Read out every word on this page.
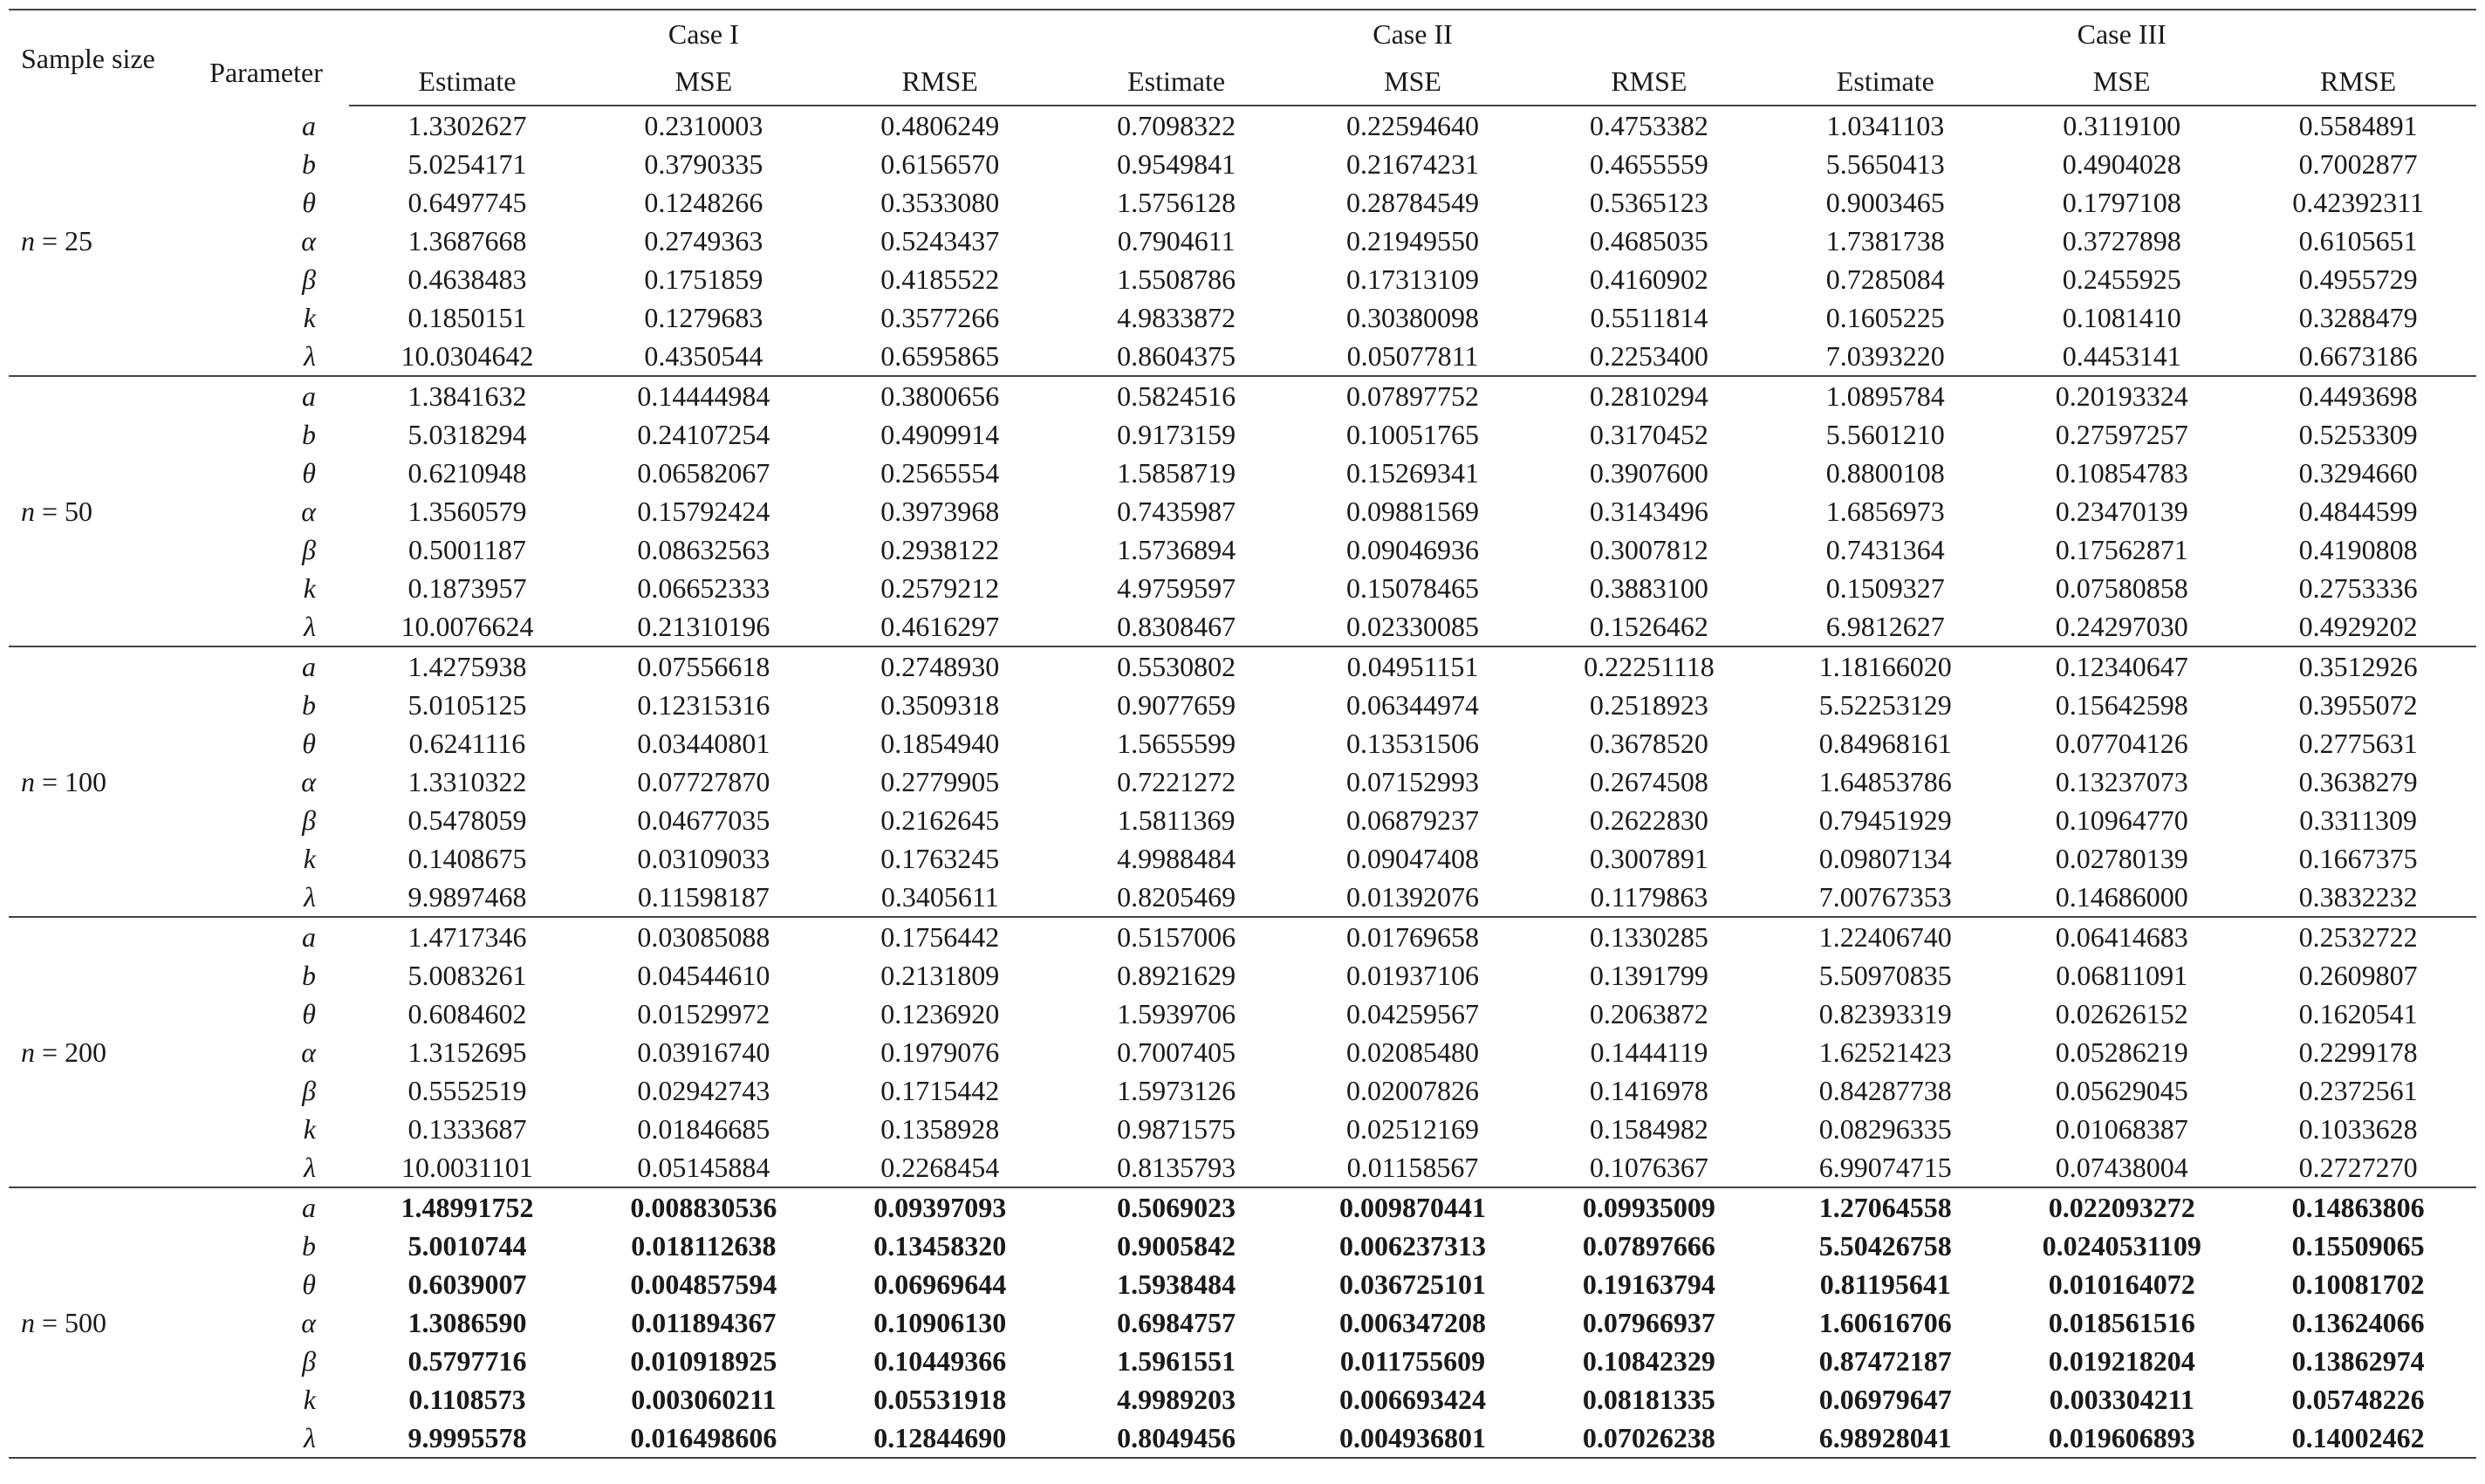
Sample size	Parameter	Case I			Case II			Case III		
		Estimate	MSE	RMSE	Estimate	MSE	RMSE	Estimate	MSE	RMSE
n = 25	a	1.3302627	0.2310003	0.4806249	0.7098322	0.22594640	0.4753382	1.0341103	0.3119100	0.5584891
	b	5.0254171	0.3790335	0.6156570	0.9549841	0.21674231	0.4655559	5.5650413	0.4904028	0.7002877
	θ	0.6497745	0.1248266	0.3533080	1.5756128	0.28784549	0.5365123	0.9003465	0.1797108	0.42392311
	α	1.3687668	0.2749363	0.5243437	0.7904611	0.21949550	0.4685035	1.7381738	0.3727898	0.6105651
	β	0.4638483	0.1751859	0.4185522	1.5508786	0.17313109	0.4160902	0.7285084	0.2455925	0.4955729
	k	0.1850151	0.1279683	0.3577266	4.9833872	0.30380098	0.5511814	0.1605225	0.1081410	0.3288479
	λ	10.0304642	0.4350544	0.6595865	0.8604375	0.05077811	0.2253400	7.0393220	0.4453141	0.6673186
n = 50	a	1.3841632	0.14444984	0.3800656	0.5824516	0.07897752	0.2810294	1.0895784	0.20193324	0.4493698
	b	5.0318294	0.24107254	0.4909914	0.9173159	0.10051765	0.3170452	5.5601210	0.27597257	0.5253309
	θ	0.6210948	0.06582067	0.2565554	1.5858719	0.15269341	0.3907600	0.8800108	0.10854783	0.3294660
	α	1.3560579	0.15792424	0.3973968	0.7435987	0.09881569	0.3143496	1.6856973	0.23470139	0.4844599
	β	0.5001187	0.08632563	0.2938122	1.5736894	0.09046936	0.3007812	0.7431364	0.17562871	0.4190808
	k	0.1873957	0.06652333	0.2579212	4.9759597	0.15078465	0.3883100	0.1509327	0.07580858	0.2753336
	λ	10.0076624	0.21310196	0.4616297	0.8308467	0.02330085	0.1526462	6.9812627	0.24297030	0.4929202
n = 100	a	1.4275938	0.07556618	0.2748930	0.5530802	0.04951151	0.22251118	1.18166020	0.12340647	0.3512926
	b	5.0105125	0.12315316	0.3509318	0.9077659	0.06344974	0.2518923	5.52253129	0.15642598	0.3955072
	θ	0.6241116	0.03440801	0.1854940	1.5655599	0.13531506	0.3678520	0.84968161	0.07704126	0.2775631
	α	1.3310322	0.07727870	0.2779905	0.7221272	0.07152993	0.2674508	1.64853786	0.13237073	0.3638279
	β	0.5478059	0.04677035	0.2162645	1.5811369	0.06879237	0.2622830	0.79451929	0.10964770	0.3311309
	k	0.1408675	0.03109033	0.1763245	4.9988484	0.09047408	0.3007891	0.09807134	0.02780139	0.1667375
	λ	9.9897468	0.11598187	0.3405611	0.8205469	0.01392076	0.1179863	7.00767353	0.14686000	0.3832232
n = 200	a	1.4717346	0.03085088	0.1756442	0.5157006	0.01769658	0.1330285	1.22406740	0.06414683	0.2532722
	b	5.0083261	0.04544610	0.2131809	0.8921629	0.01937106	0.1391799	5.50970835	0.06811091	0.2609807
	θ	0.6084602	0.01529972	0.1236920	1.5939706	0.04259567	0.2063872	0.82393319	0.02626152	0.1620541
	α	1.3152695	0.03916740	0.1979076	0.7007405	0.02085480	0.1444119	1.62521423	0.05286219	0.2299178
	β	0.5552519	0.02942743	0.1715442	1.5973126	0.02007826	0.1416978	0.84287738	0.05629045	0.2372561
	k	0.1333687	0.01846685	0.1358928	0.9871575	0.02512169	0.1584982	0.08296335	0.01068387	0.1033628
	λ	10.0031101	0.05145884	0.2268454	0.8135793	0.01158567	0.1076367	6.99074715	0.07438004	0.2727270
n = 500	a	1.48991752	0.008830536	0.09397093	0.5069023	0.009870441	0.09935009	1.27064558	0.022093272	0.14863806
	b	5.0010744	0.018112638	0.13458320	0.9005842	0.006237313	0.07897666	5.50426758	0.0240531109	0.15509065
	θ	0.6039007	0.004857594	0.06969644	1.5938484	0.036725101	0.19163794	0.81195641	0.010164072	0.10081702
	α	1.3086590	0.011894367	0.10906130	0.6984757	0.006347208	0.07966937	1.60616706	0.018561516	0.13624066
	β	0.5797716	0.010918925	0.10449366	1.5961551	0.011755609	0.10842329	0.87472187	0.019218204	0.13862974
	k	0.1108573	0.003060211	0.05531918	4.9989203	0.006693424	0.08181335	0.06979647	0.003304211	0.05748226
	λ	9.9995578	0.016498606	0.12844690	0.8049456	0.004936801	0.07026238	6.98928041	0.019606893	0.14002462
